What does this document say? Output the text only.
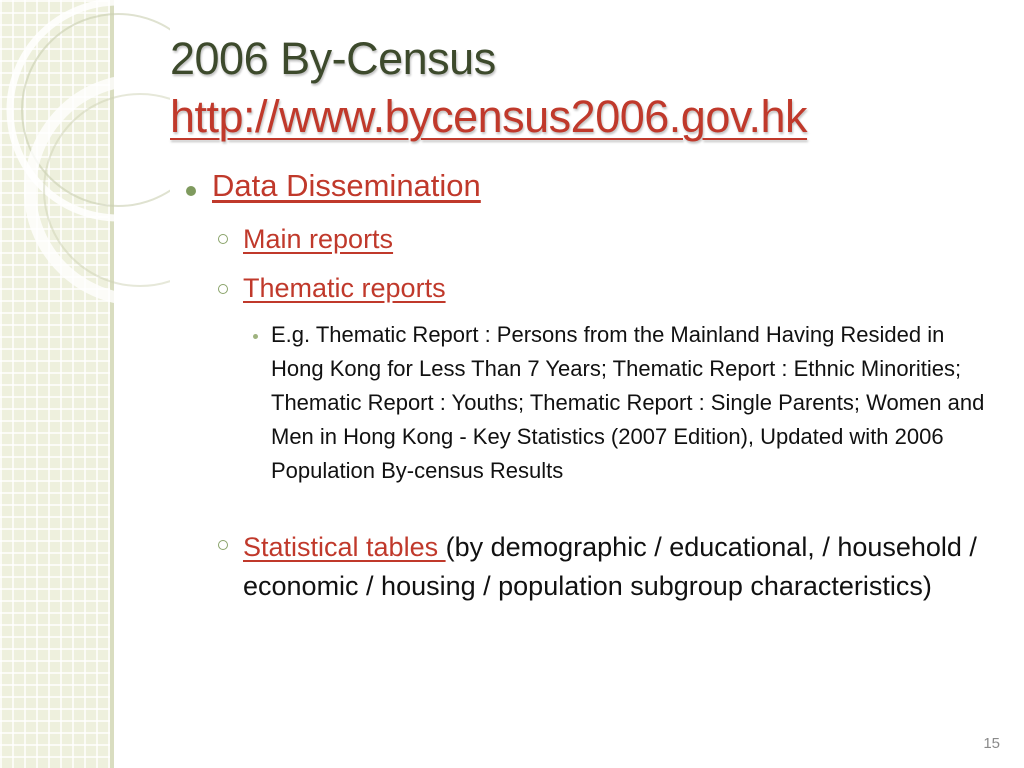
2006 By-Census
http://www.bycensus2006.gov.hk
Data Dissemination
Main reports
Thematic reports
E.g. Thematic Report : Persons from the Mainland Having Resided in Hong Kong for Less Than 7 Years; Thematic Report : Ethnic Minorities; Thematic Report : Youths; Thematic Report : Single Parents; Women and Men in Hong Kong - Key Statistics (2007 Edition), Updated with 2006 Population By-census Results
Statistical tables (by demographic / educational, / household / economic / housing / population subgroup characteristics)
15
